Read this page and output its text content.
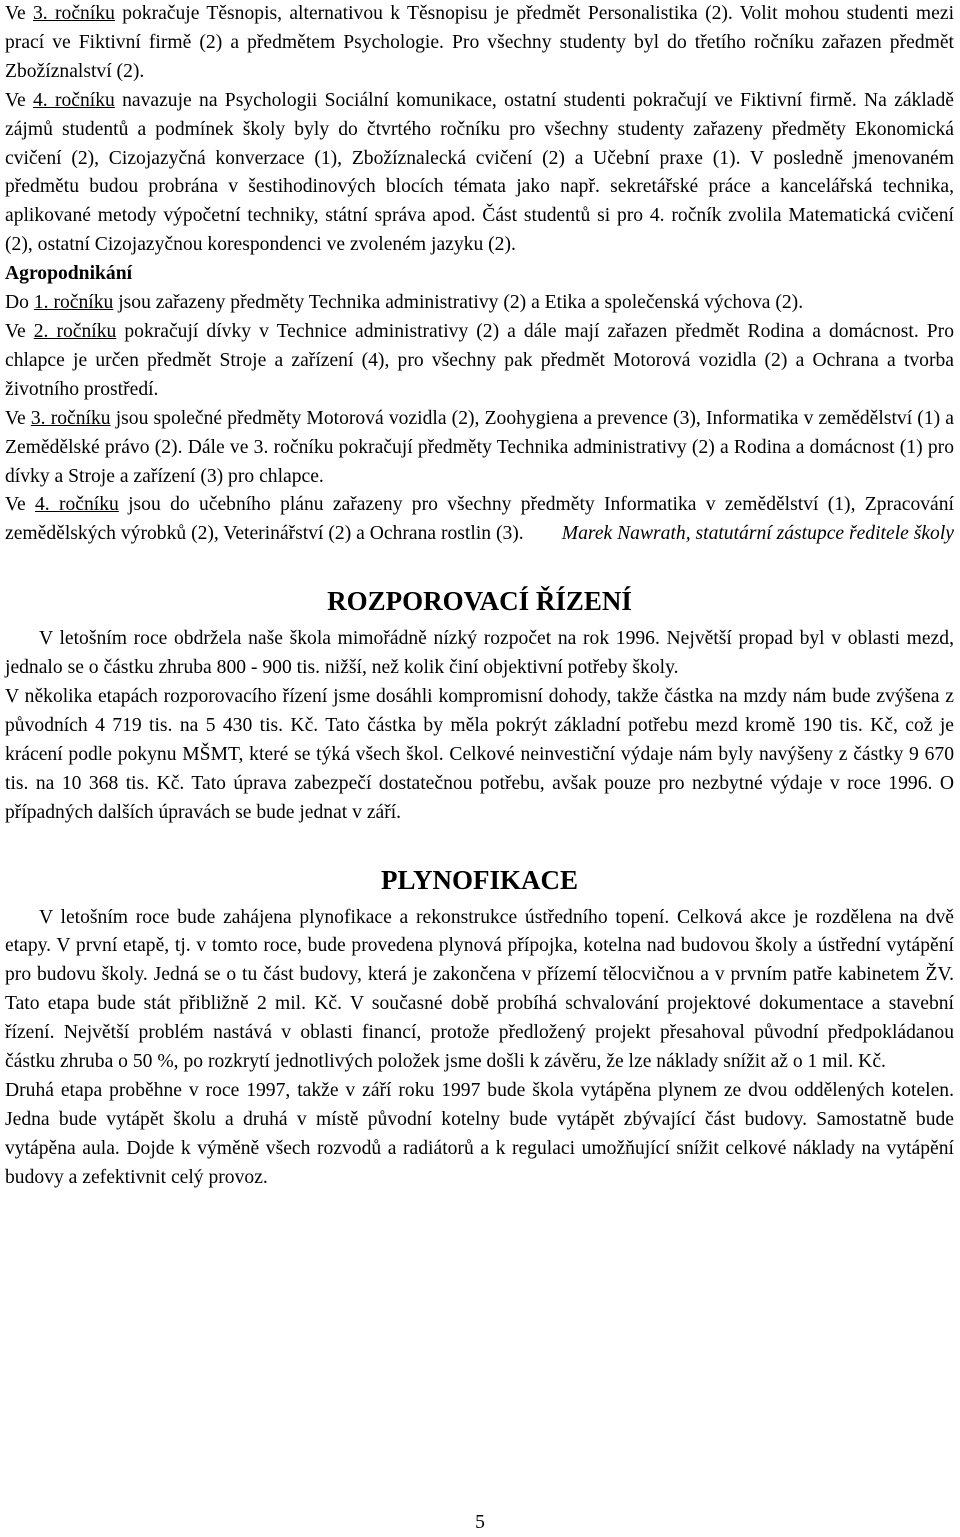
Ve 3. ročníku pokračuje Těsnopis, alternativou k Těsnopisu je předmět Personalistika (2). Volit mohou studenti mezi prací ve Fiktivní firmě (2) a předmětem Psychologie. Pro všechny studenty byl do třetího ročníku zařazen předmět Zbožíznalství (2).

Ve 4. ročníku navazuje na Psychologii Sociální komunikace, ostatní studenti pokračují ve Fiktivní firmě. Na základě zájmů studentů a podmínek školy byly do čtvrtého ročníku pro všechny studenty zařazeny předměty Ekonomická cvičení (2), Cizojazyčná konverzace (1), Zbožíznalecká cvičení (2) a Učební praxe (1). V posledně jmenovaném předmětu budou probrána v šestihodinových blocích témata jako např. sekretářské práce a kancelářská technika, aplikované metody výpočetní techniky, státní správa apod. Část studentů si pro 4. ročník zvolila Matematická cvičení (2), ostatní Cizojazyčnou korespondenci ve zvoleném jazyku (2).

Agropodnikání

Do 1. ročníku jsou zařazeny předměty Technika administrativy (2) a Etika a společenská výchova (2).

Ve 2. ročníku pokračují dívky v Technice administrativy (2) a dále mají zařazen předmět Rodina a domácnost. Pro chlapce je určen předmět Stroje a zařízení (4), pro všechny pak předmět Motorová vozidla (2) a Ochrana a tvorba životního prostředí.

Ve 3. ročníku jsou společné předměty Motorová vozidla (2), Zoohygiena a prevence (3), Informatika v zemědělství (1) a Zemědělské právo (2). Dále ve 3. ročníku pokračují předměty Technika administrativy (2) a Rodina a domácnost (1) pro dívky a Stroje a zařízení (3) pro chlapce.

Ve 4. ročníku jsou do učebního plánu zařazeny pro všechny předměty Informatika v zemědělství (1), Zpracování zemědělských výrobků (2), Veterinářství (2) a Ochrana rostlin (3). Marek Nawrath, statutární zástupce ředitele školy

ROZPOROVACÍ ŘÍZENÍ

V letošním roce obdržela naše škola mimořádně nízký rozpočet na rok 1996. Největší propad byl v oblasti mezd, jednalo se o částku zhruba 800 - 900 tis. nižší, než kolik činí objektivní potřeby školy.

V několika etapách rozporovacího řízení jsme dosáhli kompromisní dohody, takže částka na mzdy nám bude zvýšena z původních 4 719 tis. na 5 430 tis. Kč. Tato částka by měla pokrýt základní potřebu mezd kromě 190 tis. Kč, což je krácení podle pokynu MŠMT, které se týká všech škol. Celkové neinvestiční výdaje nám byly navýšeny z částky 9 670 tis. na 10 368 tis. Kč. Tato úprava zabezpečí dostatečnou potřebu, avšak pouze pro nezbytné výdaje v roce 1996. O případných dalších úpravách se bude jednat v září.

PLYNOFIKACE

V letošním roce bude zahájena plynofikace a rekonstrukce ústředního topení. Celková akce je rozdělena na dvě etapy. V první etapě, tj. v tomto roce, bude provedena plynová přípojka, kotelna nad budovou školy a ústřední vytápění pro budovu školy. Jedná se o tu část budovy, která je zakončena v přízemí tělocvičnou a v prvním patře kabinetem ŽV. Tato etapa bude stát přibližně 2 mil. Kč. V současné době probíhá schvalování projektové dokumentace a stavební řízení. Největší problém nastává v oblasti financí, protože předložený projekt přesahoval původní předpokládanou částku zhruba o 50 %, po rozkrytí jednotlivých položek jsme došli k závěru, že lze náklady snížit až o 1 mil. Kč.

Druhá etapa proběhne v roce 1997, takže v září roku 1997 bude škola vytápěna plynem ze dvou oddělených kotelen. Jedna bude vytápět školu a druhá v místě původní kotelny bude vytápět zbývající část budovy. Samostatně bude vytápěna aula. Dojde k výměně všech rozvodů a radiátorů a k regulaci umožňující snížit celkové náklady na vytápění budovy a zefektivnit celý provoz.

5
